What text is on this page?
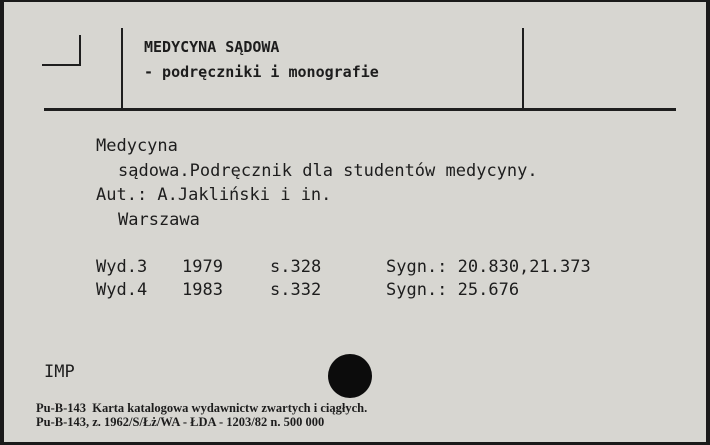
MEDYCYNA SĄDOWA
- podręczniki i monografie
Medycyna
sądowa.Podręcznik dla studentów medycyny.
Aut.: A.Jakliński i in.
Warszawa
Wyd.3 1979	s.328	Sygn.: 20.830,21.373
Wyd.4 1983	s.332	Sygn.: 25.676
IMP
Pu-B-143  Karta katalogowa wydawnictw zwartych i ciągłych.
Pu-B-143, z. 1962/S/Łż/WA - ŁDA - 1203/82 n. 500 000
